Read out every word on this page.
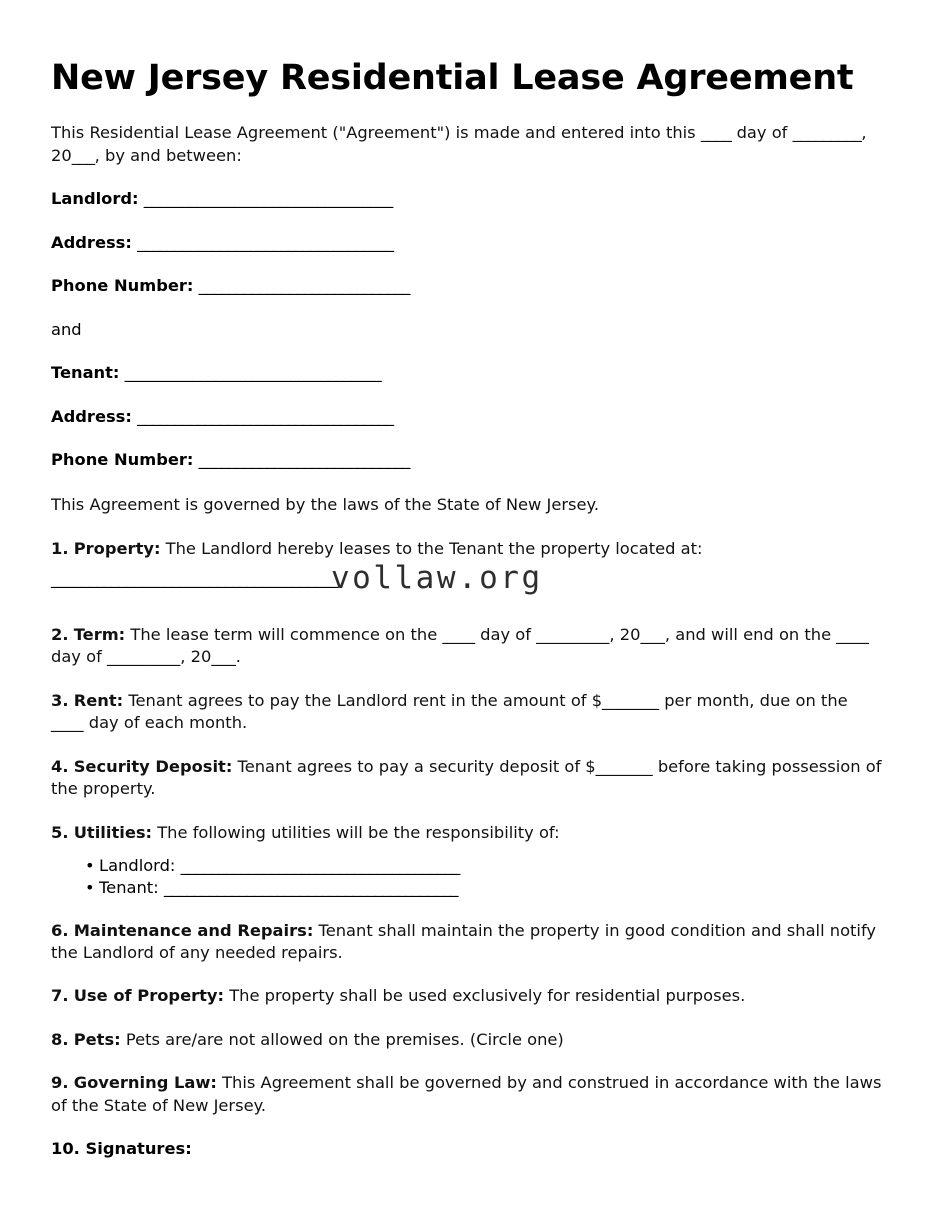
New Jersey Residential Lease Agreement

This Residential Lease Agreement ("Agreement") is made and entered into this ____ day of _________, 20___, by and between:

Landlord: _________________________________
Address: __________________________________
Phone Number: ____________________________
and
Tenant: __________________________________
Address: __________________________________
Phone Number: ____________________________

This Agreement is governed by the laws of the State of New Jersey.

1. Property: The Landlord hereby leases to the Tenant the property located at:

______________________________________
vollaw.org

2. Term: The lease term will commence on the ____ day of _________, 20___, and will end on the ____ day of _________, 20___.

3. Rent: Tenant agrees to pay the Landlord rent in the amount of $_______ per month, due on the ____ day of each month.

4. Security Deposit: Tenant agrees to pay a security deposit of $_______ before taking possession of the property.

5. Utilities: The following utilities will be the responsibility of:

• Landlord: _____________________________________
• Tenant: _______________________________________

6. Maintenance and Repairs: Tenant shall maintain the property in good condition and shall notify the Landlord of any needed repairs.

7. Use of Property: The property shall be used exclusively for residential purposes.

8. Pets: Pets are/are not allowed on the premises. (Circle one)

9. Governing Law: This Agreement shall be governed by and construed in accordance with the laws of the State of New Jersey.

10. Signatures:
